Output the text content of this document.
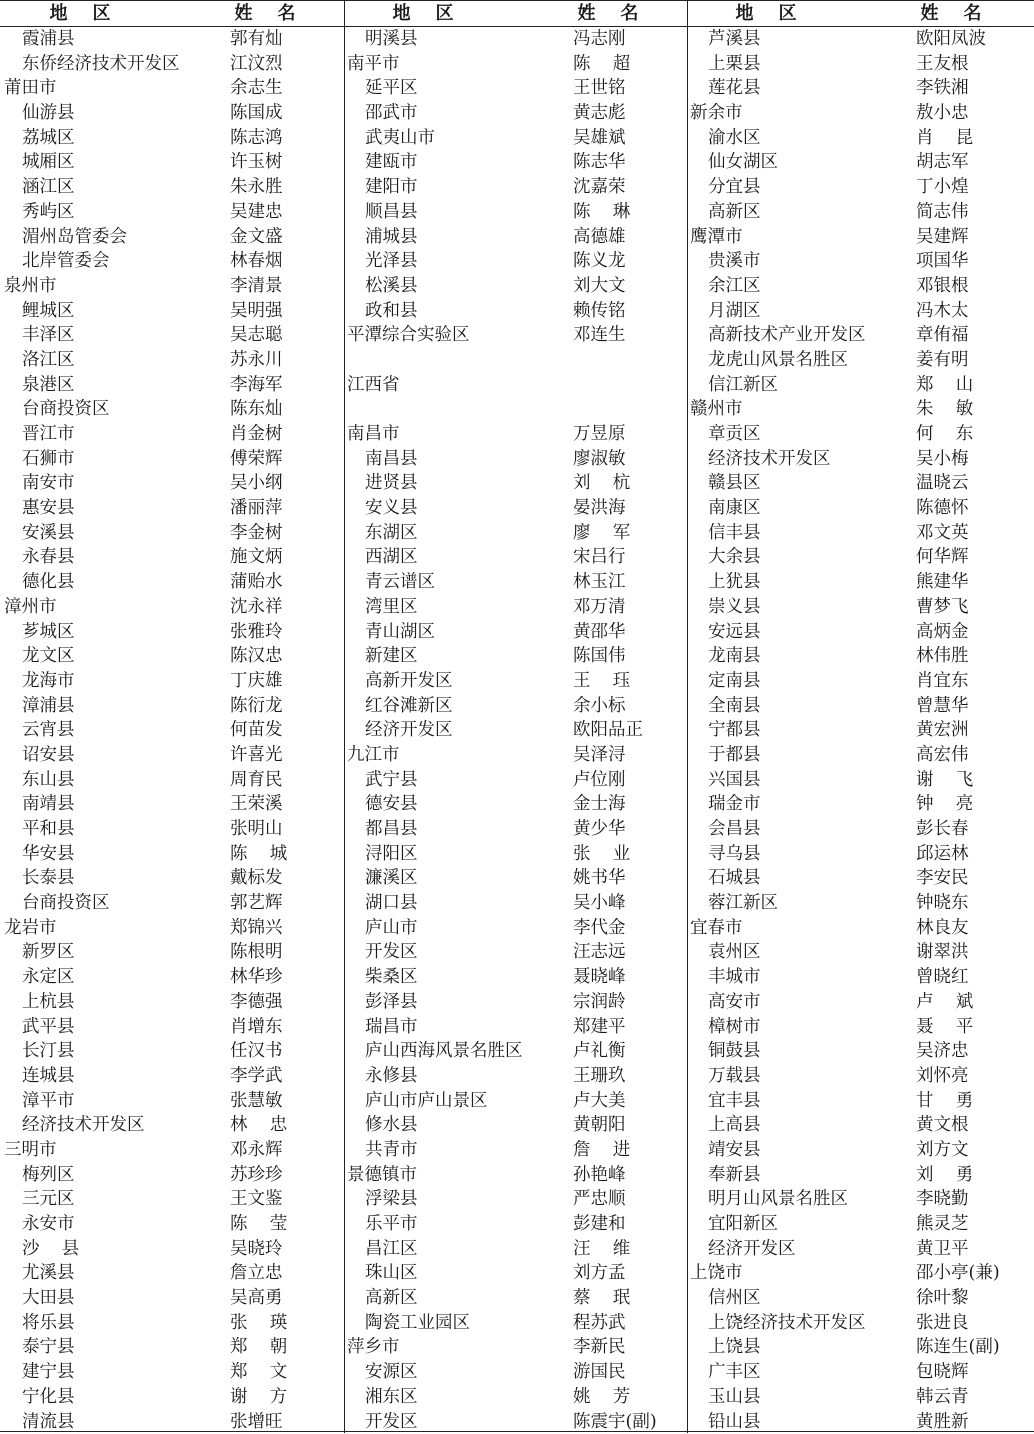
地    区	姓    名	地    区	姓    名	地    区	姓    名
霞浦县	郭有灿
东侨经济技术开发区	江汶烈
莆田市	余志生
仙游县	陈国成
荔城区	陈志鸿
城厢区	许玉树
涵江区	朱永胜
秀屿区	吴建忠
湄州岛管委会	金文盛
北岸管委会	林春烟
泉州市	李清景
鲤城区	吴明强
丰泽区	吴志聪
洛江区	苏永川
泉港区	李海军
台商投资区	陈东灿
晋江市	肖金树
石狮市	傅荣辉
南安市	吴小纲
惠安县	潘丽萍
安溪县	李金树
永春县	施文炳
德化县	蒲贻水
漳州市	沈永祥
芗城区	张雅玲
龙文区	陈汉忠
龙海市	丁庆雄
漳浦县	陈衍龙
云宵县	何苗发
诏安县	许喜光
东山县	周育民
南靖县	王荣溪
平和县	张明山
华安县	陈    城
长泰县	戴标发
台商投资区	郭艺辉
龙岩市	郑锦兴
新罗区	陈根明
永定区	林华珍
上杭县	李德强
武平县	肖增东
长汀县	任汉书
连城县	李学武
漳平市	张慧敏
经济技术开发区	林    忠
三明市	邓永辉
梅列区	苏珍珍
三元区	王文鉴
永安市	陈    莹
沙    县	吴晓玲
尤溪县	詹立忠
大田县	吴高勇
将乐县	张    瑛
泰宁县	郑    朝
建宁县	郑    文
宁化县	谢    方
清流县	张增旺
明溪县	冯志刚
南平市	陈    超
延平区	王世铭
邵武市	黄志彪
武夷山市	吴雄斌
建瓯市	陈志华
建阳市	沈嘉荣
顺昌县	陈    琳
浦城县	高德雄
光泽县	陈义龙
松溪县	刘大文
政和县	赖传铭
平潭综合实验区	邓连生
江西省
南昌市	万昱原
南昌县	廖淑敏
进贤县	刘    杭
安义县	晏洪海
东湖区	廖    军
西湖区	宋吕行
青云谱区	林玉江
湾里区	邓万清
青山湖区	黄邵华
新建区	陈国伟
高新开发区	王    珏
红谷滩新区	余小标
经济开发区	欧阳品正
九江市	吴泽浔
武宁县	卢位刚
德安县	金士海
都昌县	黄少华
浔阳区	张    业
濂溪区	姚书华
湖口县	吴小峰
庐山市	李代金
开发区	汪志远
柴桑区	聂晓峰
彭泽县	宗润龄
瑞昌市	郑建平
庐山西海风景名胜区	卢礼衡
永修县	王珊玖
庐山市庐山景区	卢大美
修水县	黄朝阳
共青市	詹    进
景德镇市	孙艳峰
浮梁县	严忠顺
乐平市	彭建和
昌江区	汪    维
珠山区	刘方孟
高新区	蔡    珉
陶瓷工业园区	程苏武
萍乡市	李新民
安源区	游国民
湘东区	姚    芳
开发区	陈震宇(副)
芦溪县	欧阳凤波
上栗县	王友根
莲花县	李铁湘
新余市	敖小忠
渝水区	肖    昆
仙女湖区	胡志军
分宜县	丁小煌
高新区	简志伟
鹰潭市	吴建辉
贵溪市	项国华
余江区	邓银根
月湖区	冯木太
高新技术产业开发区	章侑福
龙虎山风景名胜区	姜有明
信江新区	郑    山
赣州市	朱    敏
章贡区	何    东
经济技术开发区	吴小梅
赣县区	温晓云
南康区	陈德怀
信丰县	邓文英
大余县	何华辉
上犹县	熊建华
崇义县	曹梦飞
安远县	高炳金
龙南县	林伟胜
定南县	肖宜东
全南县	曾慧华
宁都县	黄宏洲
于都县	高宏伟
兴国县	谢    飞
瑞金市	钟    亮
会昌县	彭长春
寻乌县	邱运林
石城县	李安民
蓉江新区	钟晓东
宜春市	林良友
袁州区	谢翠洪
丰城市	曾晓红
高安市	卢    斌
樟树市	聂    平
铜鼓县	吴济忠
万载县	刘怀亮
宜丰县	甘    勇
上高县	黄文根
靖安县	刘方文
奉新县	刘    勇
明月山风景名胜区	李晓勤
宜阳新区	熊灵芝
经济开发区	黄卫平
上饶市	邵小亭(兼)
信州区	徐叶黎
上饶经济技术开发区	张进良
上饶县	陈连生(副)
广丰区	包晓辉
玉山县	韩云青
铅山县	黄胜新
